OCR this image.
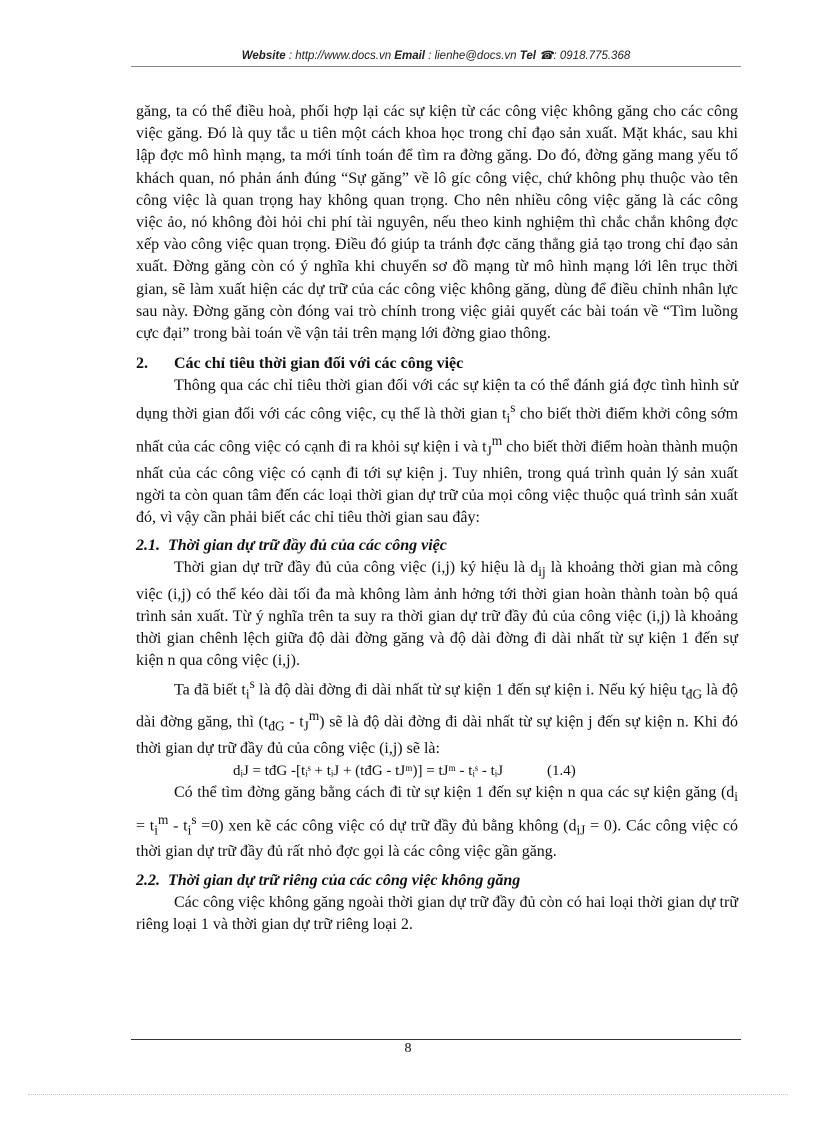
Website : http://www.docs.vn Email : lienhe@docs.vn Tel ☎: 0918.775.368

găng, ta có thể điều hoà, phối hợp lại các sự kiện từ các công việc không găng cho các công việc găng. Đó là quy tắc u tiên một cách khoa học trong chỉ đạo sản xuất. Mặt khác, sau khi lập đợc mô hình mạng, ta mới tính toán để tìm ra đờng găng. Do đó, đờng găng mang yếu tố khách quan, nó phản ánh đúng “Sự găng” về lô gíc công việc, chứ không phụ thuộc vào tên công việc là quan trọng hay không quan trọng. Cho nên nhiều công việc găng là các công việc ảo, nó không đòi hỏi chi phí tài nguyên, nếu theo kinh nghiệm thì chắc chắn không đợc xếp vào công việc quan trọng. Điều đó giúp ta tránh đợc căng thẳng giả tạo trong chỉ đạo sản xuất. Đờng găng còn có ý nghĩa khi chuyển sơ đồ mạng từ mô hình mạng lới lên trục thời gian, sẽ làm xuất hiện các dự trữ của các công việc không găng, dùng để điều chỉnh nhân lực sau này. Đờng găng còn đóng vai trò chính trong việc giải quyết các bài toán về “Tìm luồng cực đại” trong bài toán về vận tải trên mạng lới đờng giao thông.

2.	Các chỉ tiêu thời gian đối với các công việc

Thông qua các chỉ tiêu thời gian đối với các sự kiện ta có thể đánh giá đợc tình hình sử dụng thời gian đối với các công việc, cụ thể là thời gian $t_i^s$ cho biết thời điểm khởi công sớm nhất của các công việc có cạnh đi ra khỏi sự kiện i và $t_J^m$ cho biết thời điểm hoàn thành muộn nhất của các công việc có cạnh đi tới sự kiện j. Tuy nhiên, trong quá trình quản lý sản xuất ngời ta còn quan tâm đến các loại thời gian dự trữ của mọi công việc thuộc quá trình sản xuất đó, vì vậy cần phải biết các chỉ tiêu thời gian sau đây:

2.1. Thời gian dự trữ đầy đủ của các công việc

Thời gian dự trữ đầy đủ của công việc (i,j) ký hiệu là $d_{ij}$ là khoảng thời gian mà công việc (i,j) có thể kéo dài tối đa mà không làm ảnh hởng tới thời gian hoàn thành toàn bộ quá trình sản xuất. Từ ý nghĩa trên ta suy ra thời gian dự trữ đầy đủ của công việc (i,j) là khoảng thời gian chênh lệch giữa độ dài đờng găng và độ dài đờng đi dài nhất từ sự kiện 1 đến sự kiện n qua công việc (i,j).

Ta đã biết $t_i^s$ là độ dài đờng đi dài nhất từ sự kiện 1 đến sự kiện i. Nếu ký hiệu $t_{đG}$ là độ dài đờng găng, thì $(t_{đG} - t_J^m)$ sẽ là độ dài đờng đi dài nhất từ sự kiện j đến sự kiện n. Khi đó thời gian dự trữ đầy đủ của công việc (i,j) sẽ là:

dᵢJ = tđG -[tᵢˢ + tᵢJ + (tđG - tJᵐ)] = tJᵐ - tᵢˢ - tᵢJ	(1.4)

Có thể tìm đờng găng bằng cách đi từ sự kiện 1 đến sự kiện n qua các sự kiện găng $(d_i = t_i^m - t_i^s =0)$ xen kẽ các công việc có dự trữ đầy đủ bằng không $(d_{iJ} = 0)$. Các công việc có thời gian dự trữ đầy đủ rất nhỏ đợc gọi là các công việc gần găng.

2.2. Thời gian dự trữ riêng của các công việc không găng

Các công việc không găng ngoài thời gian dự trữ đầy đủ còn có hai loại thời gian dự trữ riêng loại 1 và thời gian dự trữ riêng loại 2.

8
